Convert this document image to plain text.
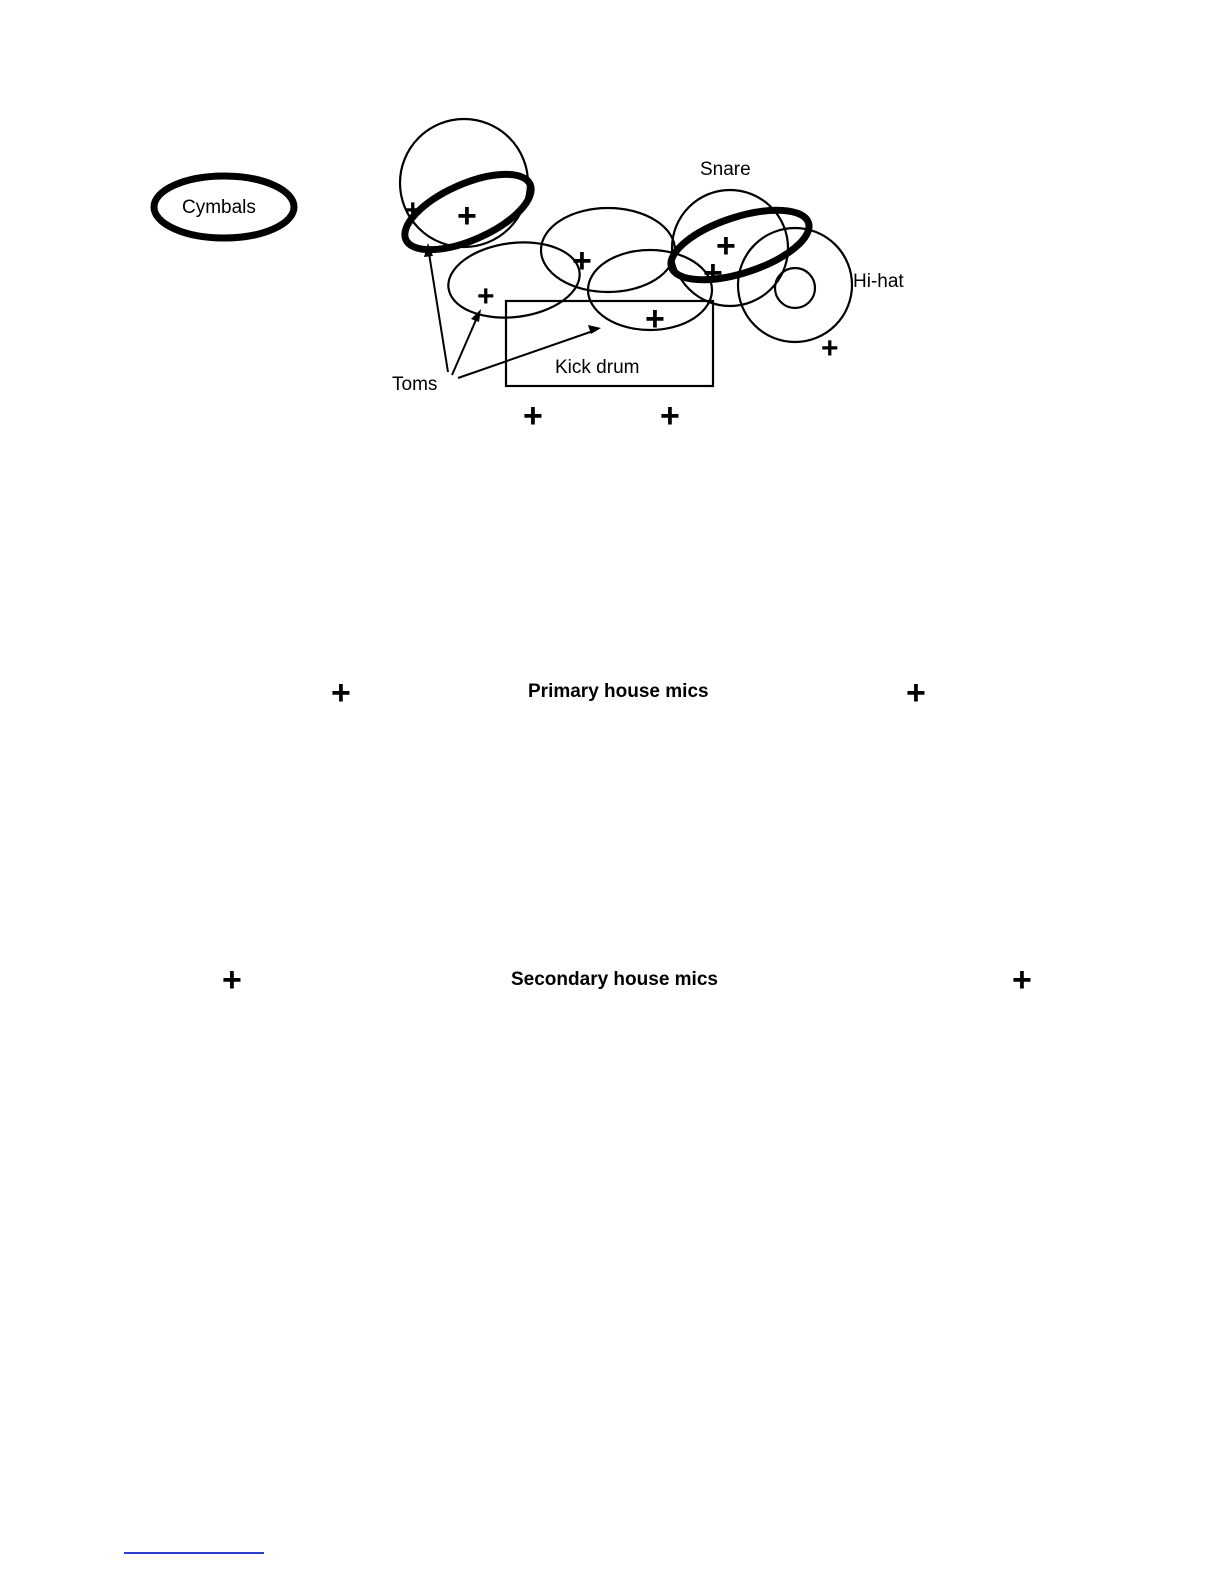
Cymbals
Snare
Hi-hat
Toms
Kick drum
Primary house mics
Secondary house mics
+ +
+
+	+
+
+
+
+	+
+	+
+	+
